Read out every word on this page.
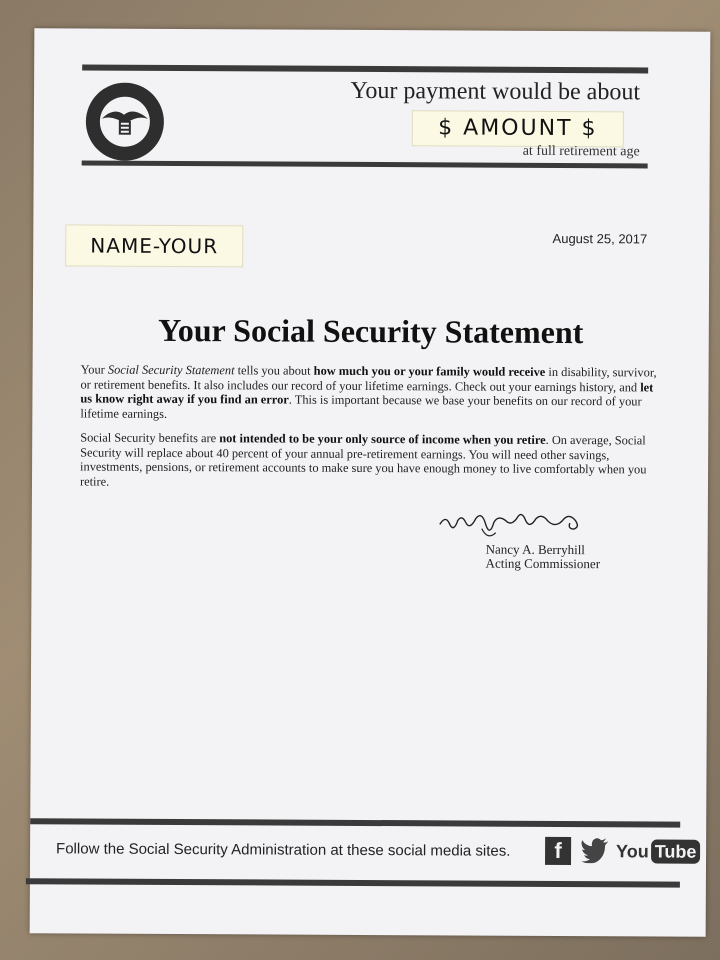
Your payment would be about
$ AMOUNT $
at full retirement age
NAME-YOUR	August 25, 2017
Your Social Security Statement

Your Social Security Statement tells you about how much you or your family would receive in disability, survivor, or retirement benefits. It also includes our record of your lifetime earnings. Check out your earnings history, and let us know right away if you find an error. This is important because we base your benefits on our record of your lifetime earnings.

Social Security benefits are not intended to be your only source of income when you retire. On average, Social Security will replace about 40 percent of your annual pre-retirement earnings. You will need other savings, investments, pensions, or retirement accounts to make sure you have enough money to live comfortably when you retire.

Nancy A. Berryhill
Acting Commissioner
Follow the Social Security Administration at these social media sites. f	You Tube
